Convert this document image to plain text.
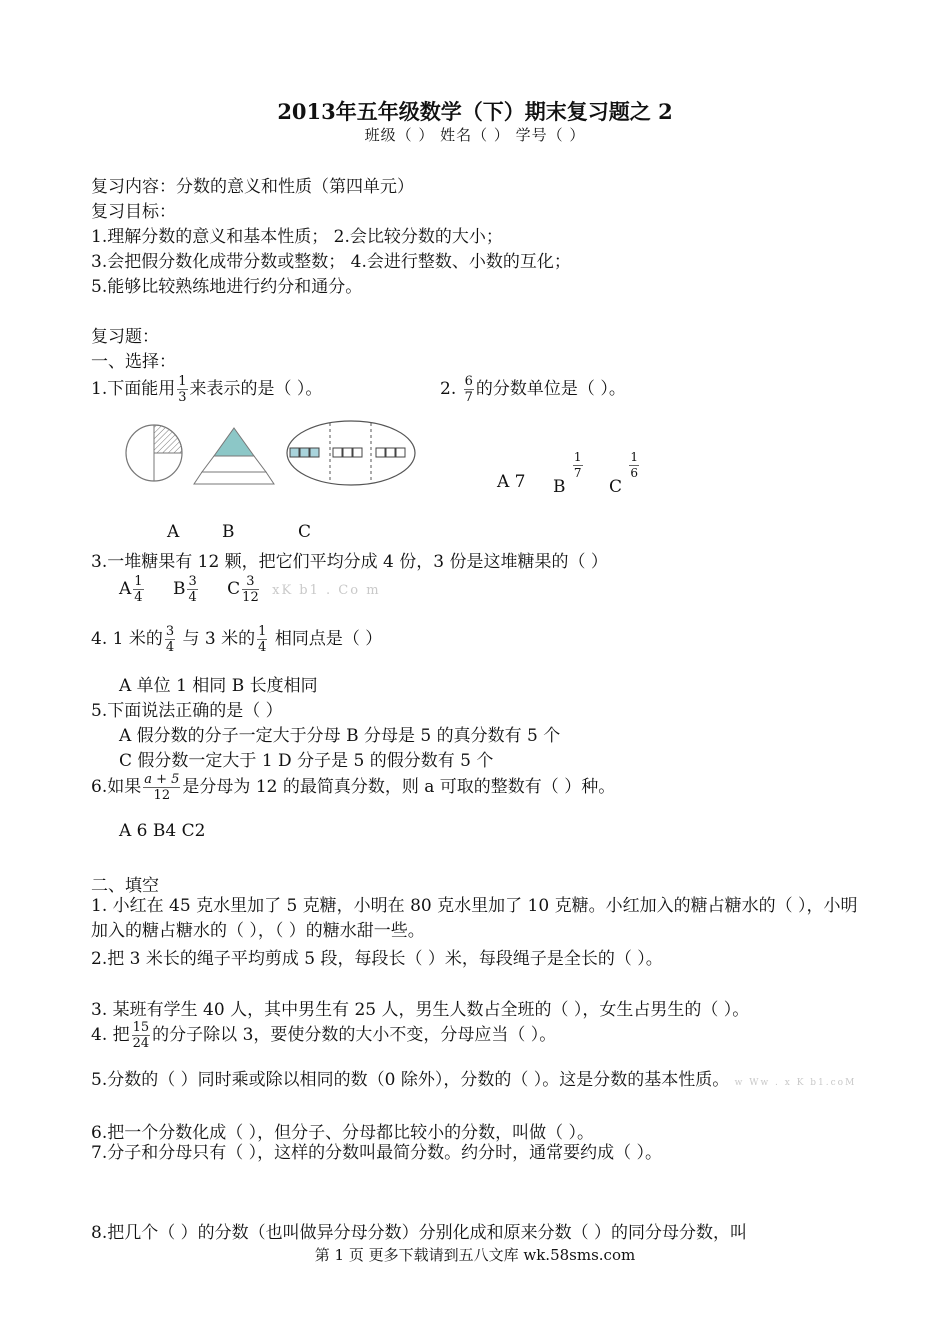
2013年五年级数学（下）期末复习题之 2
班级（ ） 姓名（ ） 学号（ ）
复习内容：分数的意义和性质（第四单元）
复习目标：
1.理解分数的意义和基本性质； 2.会比较分数的大小；
3.会把假分数化成带分数或整数； 4.会进行整数、小数的互化；
5.能够比较熟练地进行约分和通分。
复习题：
一、选择：
1.下面能用 $\frac{1}{3}$ 来表示的是（ ）。	2. $\frac{6}{7}$ 的分数单位是（ ）。
A 7 B
$\frac{1}{7}$
C
$\frac{1}{6}$
A	B	C
3.一堆糖果有 12 颗，把它们平均分成 4 份，3 份是这堆糖果的（ ）
A $\frac{1}{4}$ B $\frac{3}{4}$ C $\frac{3}{12}$ xK b1 . Co m
4. 1 米的 $\frac{3}{4}$ 与 3 米的 $\frac{1}{4}$ 相同点是（ ）
A 单位 1 相同 B 长度相同
5.下面说法正确的是（ ）
A 假分数的分子一定大于分母 B 分母是 5 的真分数有 5 个
C 假分数一定大于 1 D 分子是 5 的假分数有 5 个
6.如果 $\frac{a + 5}{12}$ 是分母为 12 的最简真分数，则 a 可取的整数有（ ）种。
A 6 B4 C2
二、填空
1. 小红在 45 克水里加了 5 克糖，小明在 80 克水里加了 10 克糖。小红加入的糖占糖水的（ ），小明加入的糖占糖水的（ ），（ ）的糖水甜一些。
2.把 3 米长的绳子平均剪成 5 段，每段长（ ）米，每段绳子是全长的（ ）。
3. 某班有学生 40 人，其中男生有 25 人，男生人数占全班的（ ），女生占男生的（ ）。
4. 把 $\frac{15}{24}$ 的分子除以 3，要使分数的大小不变，分母应当（ ）。
5.分数的（ ）同时乘或除以相同的数（0 除外），分数的（ ）。这是分数的基本性质。 w Ww . x K b1.coM
6.把一个分数化成（ ），但分子、分母都比较小的分数，叫做（ ）。
7.分子和分母只有（ ），这样的分数叫最简分数。约分时，通常要约成（ ）。
8.把几个（ ）的分数（也叫做异分母分数）分别化成和原来分数（ ）的同分母分数，叫
第 1 页 更多下载请到五八文库 wk.58sms.com
